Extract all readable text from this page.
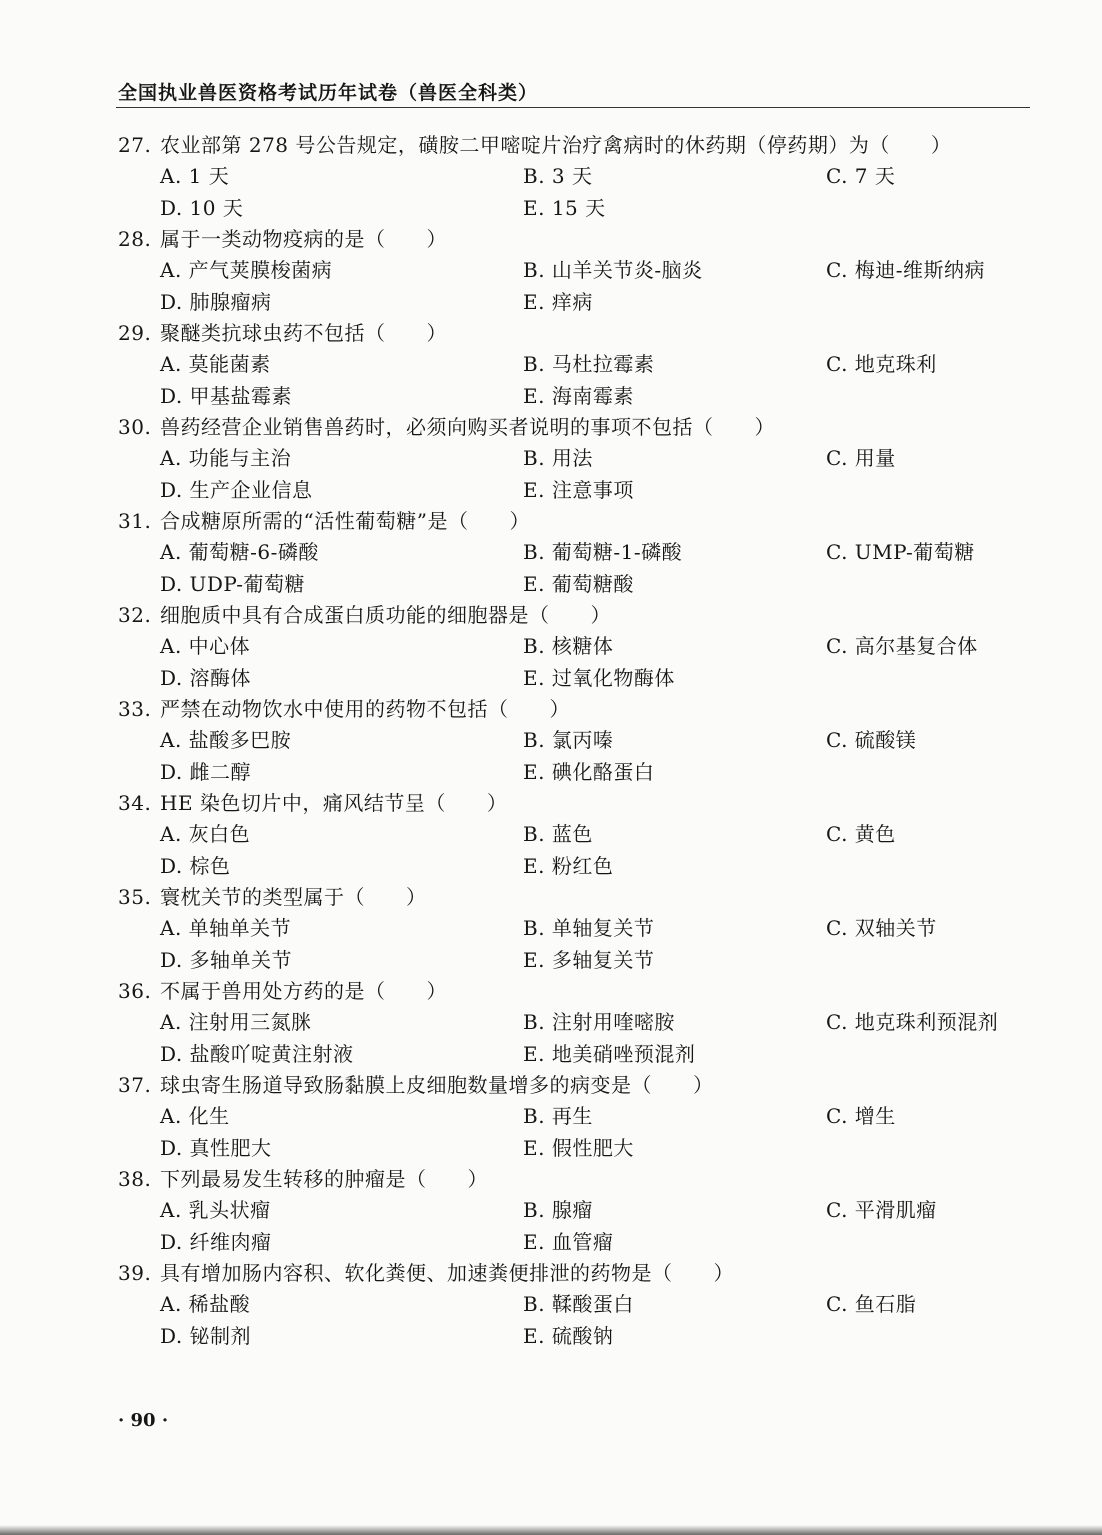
全国执业兽医资格考试历年试卷（兽医全科类）
27. 农业部第 278 号公告规定，磺胺二甲嘧啶片治疗禽病时的休药期（停药期）为（　　）
A. 1 天	B. 3 天	C. 7 天
D. 10 天	E. 15 天
28. 属于一类动物疫病的是（　　）
A. 产气荚膜梭菌病	B. 山羊关节炎-脑炎	C. 梅迪-维斯纳病
D. 肺腺瘤病	E. 痒病
29. 聚醚类抗球虫药不包括（　　）
A. 莫能菌素	B. 马杜拉霉素	C. 地克珠利
D. 甲基盐霉素	E. 海南霉素
30. 兽药经营企业销售兽药时，必须向购买者说明的事项不包括（　　）
A. 功能与主治	B. 用法	C. 用量
D. 生产企业信息	E. 注意事项
31. 合成糖原所需的“活性葡萄糖”是（　　）
A. 葡萄糖-6-磷酸	B. 葡萄糖-1-磷酸	C. UMP-葡萄糖
D. UDP-葡萄糖	E. 葡萄糖酸
32. 细胞质中具有合成蛋白质功能的细胞器是（　　）
A. 中心体	B. 核糖体	C. 高尔基复合体
D. 溶酶体	E. 过氧化物酶体
33. 严禁在动物饮水中使用的药物不包括（　　）
A. 盐酸多巴胺	B. 氯丙嗪	C. 硫酸镁
D. 雌二醇	E. 碘化酪蛋白
34. HE 染色切片中，痛风结节呈（　　）
A. 灰白色	B. 蓝色	C. 黄色
D. 棕色	E. 粉红色
35. 寰枕关节的类型属于（　　）
A. 单轴单关节	B. 单轴复关节	C. 双轴关节
D. 多轴单关节	E. 多轴复关节
36. 不属于兽用处方药的是（　　）
A. 注射用三氮脒	B. 注射用喹嘧胺	C. 地克珠利预混剂
D. 盐酸吖啶黄注射液	E. 地美硝唑预混剂
37. 球虫寄生肠道导致肠黏膜上皮细胞数量增多的病变是（　　）
A. 化生	B. 再生	C. 增生
D. 真性肥大	E. 假性肥大
38. 下列最易发生转移的肿瘤是（　　）
A. 乳头状瘤	B. 腺瘤	C. 平滑肌瘤
D. 纤维肉瘤	E. 血管瘤
39. 具有增加肠内容积、软化粪便、加速粪便排泄的药物是（　　）
A. 稀盐酸	B. 鞣酸蛋白	C. 鱼石脂
D. 铋制剂	E. 硫酸钠
· 90 ·
